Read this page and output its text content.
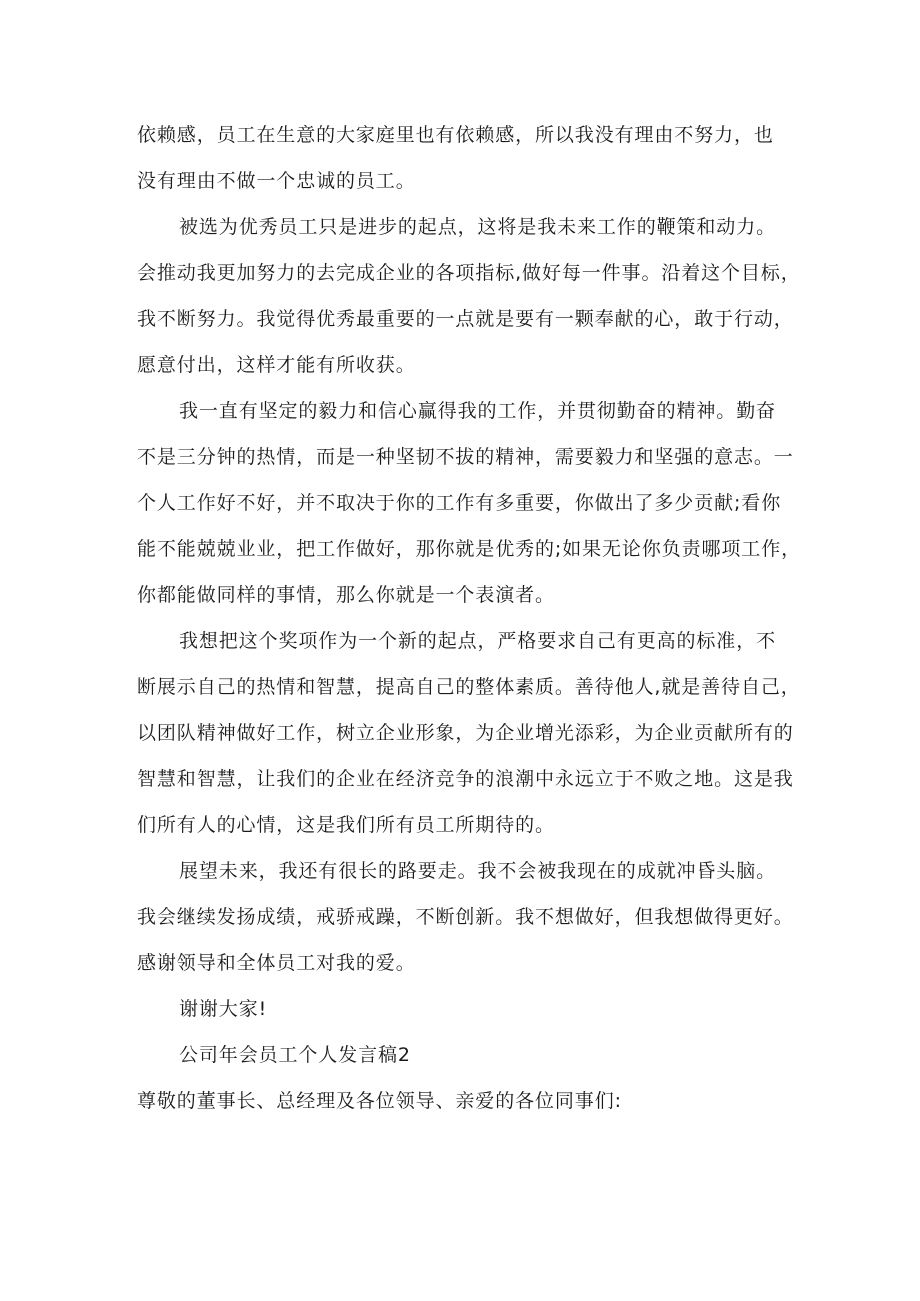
依赖感，员工在生意的大家庭里也有依赖感，所以我没有理由不努力，也
没有理由不做一个忠诚的员工。

被选为优秀员工只是进步的起点，这将是我未来工作的鞭策和动力。
会推动我更加努力的去完成企业的各项指标,做好每一件事。沿着这个目标，
我不断努力。我觉得优秀最重要的一点就是要有一颗奉献的心，敢于行动，
愿意付出，这样才能有所收获。

我一直有坚定的毅力和信心赢得我的工作，并贯彻勤奋的精神。勤奋
不是三分钟的热情，而是一种坚韧不拔的精神，需要毅力和坚强的意志。一
个人工作好不好，并不取决于你的工作有多重要，你做出了多少贡献;看你
能不能兢兢业业，把工作做好，那你就是优秀的;如果无论你负责哪项工作，
你都能做同样的事情，那么你就是一个表演者。

我想把这个奖项作为一个新的起点，严格要求自己有更高的标准，不
断展示自己的热情和智慧，提高自己的整体素质。善待他人,就是善待自己，
以团队精神做好工作，树立企业形象，为企业增光添彩，为企业贡献所有的
智慧和智慧，让我们的企业在经济竞争的浪潮中永远立于不败之地。这是我
们所有人的心情，这是我们所有员工所期待的。

展望未来，我还有很长的路要走。我不会被我现在的成就冲昏头脑。
我会继续发扬成绩，戒骄戒躁，不断创新。我不想做好，但我想做得更好。
感谢领导和全体员工对我的爱。

谢谢大家!

公司年会员工个人发言稿2

尊敬的董事长、总经理及各位领导、亲爱的各位同事们:
